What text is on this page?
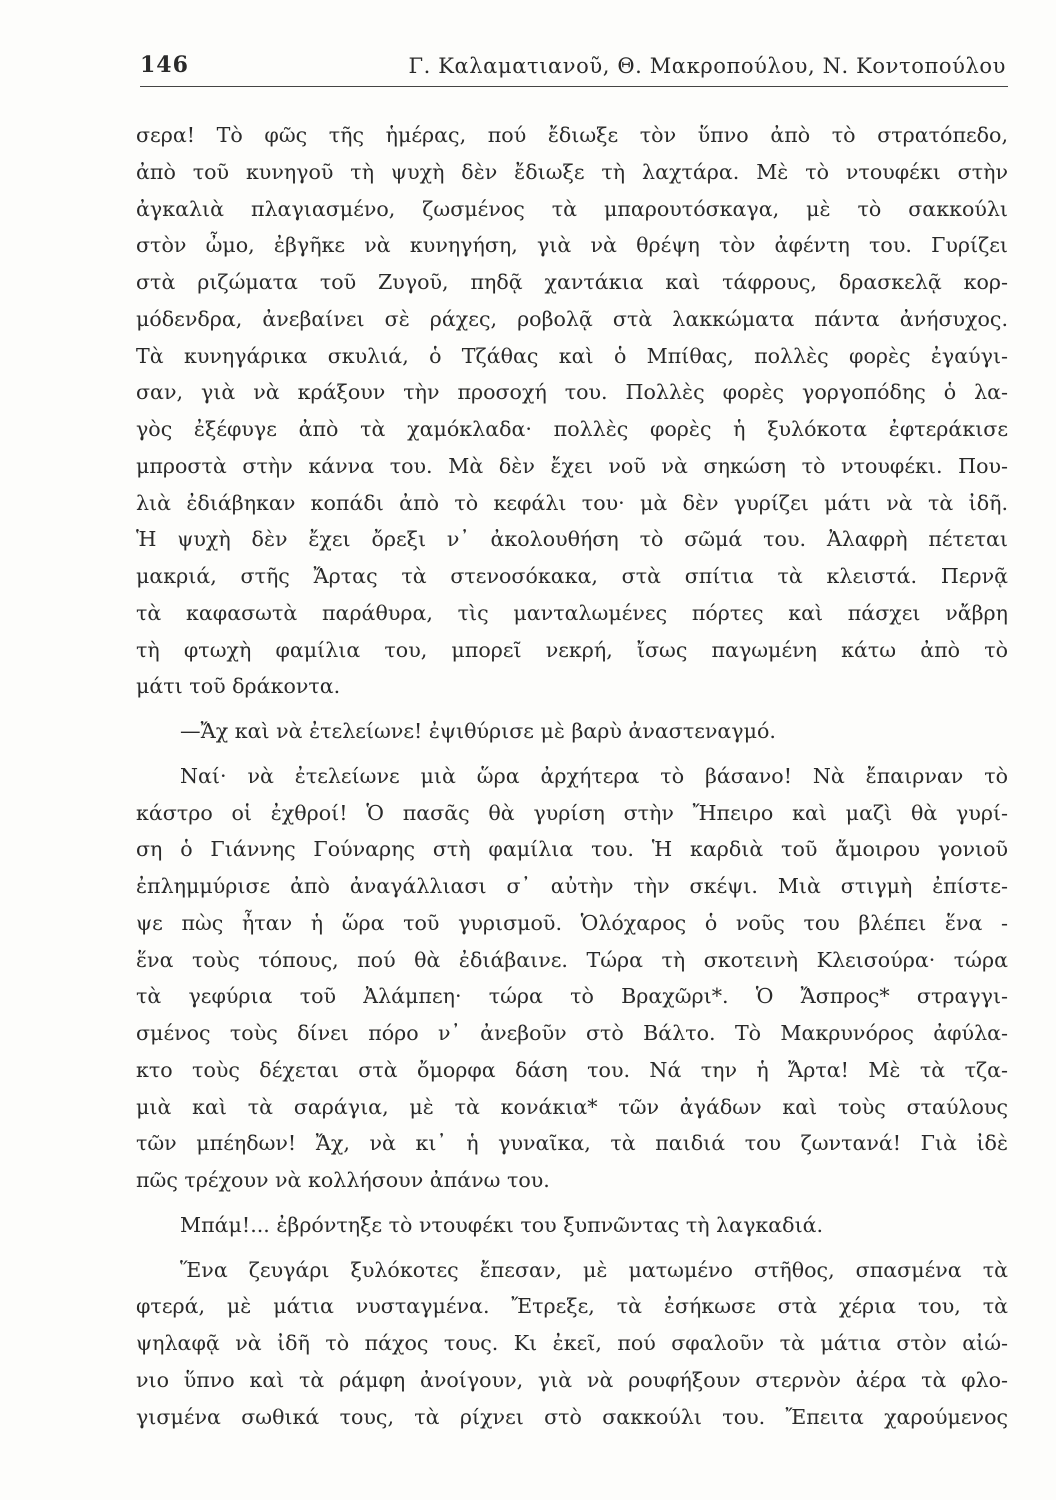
146	Γ. Καλαματιανοῦ, Θ. Μακροπούλου, Ν. Κοντοπούλου
σερα! Τὸ φῶς τῆς ἡμέρας, πού ἔδιωξε τὸν ὕπνο ἀπὸ τὸ στρατόπεδο,
ἀπὸ τοῦ κυνηγοῦ τὴ ψυχὴ δὲν ἔδιωξε τὴ λαχτάρα. Μὲ τὸ ντουφέκι στὴν
ἀγκαλιὰ πλαγιασμένο, ζωσμένος τὰ μπαρουτόσκαγα, μὲ τὸ σακκούλι
στὸν ὦμο, ἐβγῆκε νὰ κυνηγήση, γιὰ νὰ θρέψη τὸν ἀφέντη του. Γυρίζει
στὰ ριζώματα τοῦ Ζυγοῦ, πηδᾷ χαντάκια καὶ τάφρους, δρασκελᾷ κορ-
μόδενδρα, ἀνεβαίνει σὲ ράχες, ροβολᾷ στὰ λακκώματα πάντα ἀνήσυχος.
Τὰ κυνηγάρικα σκυλιά, ὁ Τζάθας καὶ ὁ Μπίθας, πολλὲς φορὲς ἐγαύγι-
σαν, γιὰ νὰ κράξουν τὴν προσοχή του. Πολλὲς φορὲς γοργοπόδης ὁ λα-
γὸς ἐξέφυγε ἀπὸ τὰ χαμόκλαδα· πολλὲς φορὲς ἡ ξυλόκοτα ἐφτεράκισε
μπροστὰ στὴν κάννα του. Μὰ δὲν ἔχει νοῦ νὰ σηκώση τὸ ντουφέκι. Που-
λιὰ ἐδιάβηκαν κοπάδι ἀπὸ τὸ κεφάλι του· μὰ δὲν γυρίζει μάτι νὰ τὰ ἰδῆ.
Ἡ ψυχὴ δὲν ἔχει ὄρεξι ν᾽ ἀκολουθήση τὸ σῶμά του. Ἀλαφρὴ πέτεται
μακριά, στῆς Ἄρτας τὰ στενοσόκακα, στὰ σπίτια τὰ κλειστά. Περνᾷ
τὰ καφασωτὰ παράθυρα, τὶς μανταλωμένες πόρτες καὶ πάσχει νἄβρη
τὴ φτωχὴ φαμίλια του, μπορεῖ νεκρή, ἴσως παγωμένη κάτω ἀπὸ τὸ
μάτι τοῦ δράκοντα.
—Ἄχ καὶ νὰ ἐτελείωνε! ἐψιθύρισε μὲ βαρὺ ἀναστεναγμό.
Ναί· νὰ ἐτελείωνε μιὰ ὥρα ἀρχήτερα τὸ βάσανο! Νὰ ἔπαιρναν τὸ
κάστρο οἱ ἐχθροί! Ὁ πασᾶς θὰ γυρίση στὴν Ἤπειρο καὶ μαζὶ θὰ γυρί-
ση ὁ Γιάννης Γούναρης στὴ φαμίλια του. Ἡ καρδιὰ τοῦ ἄμοιρου γονιοῦ
ἐπλημμύρισε ἀπὸ ἀναγάλλιασι σ᾽ αὐτὴν τὴν σκέψι. Μιὰ στιγμὴ ἐπίστε-
ψε πὼς ἦταν ἡ ὥρα τοῦ γυρισμοῦ. Ὁλόχαρος ὁ νοῦς του βλέπει ἕνα -
ἕνα τοὺς τόπους, πού θὰ ἐδιάβαινε. Τώρα τὴ σκοτεινὴ Κλεισούρα· τώρα
τὰ γεφύρια τοῦ Ἀλάμπεη· τώρα τὸ Βραχῶρι*. Ὁ Ἄσπρος* στραγγι-
σμένος τοὺς δίνει πόρο ν᾽ ἀνεβοῦν στὸ Βάλτο. Τὸ Μακρυνόρος ἀφύλα-
κτο τοὺς δέχεται στὰ ὄμορφα δάση του. Νά την ἡ Ἄρτα! Μὲ τὰ τζα-
μιὰ καὶ τὰ σαράγια, μὲ τὰ κονάκια* τῶν ἀγάδων καὶ τοὺς σταύλους
τῶν μπέηδων! Ἄχ, νὰ κι᾽ ἡ γυναῖκα, τὰ παιδιά του ζωντανά! Γιὰ ἰδὲ
πῶς τρέχουν νὰ κολλήσουν ἀπάνω του.
Μπάμ!... ἐβρόντηξε τὸ ντουφέκι του ξυπνῶντας τὴ λαγκαδιά.
Ἕνα ζευγάρι ξυλόκοτες ἔπεσαν, μὲ ματωμένο στῆθος, σπασμένα τὰ
φτερά, μὲ μάτια νυσταγμένα. Ἔτρεξε, τὰ ἐσήκωσε στὰ χέρια του, τὰ
ψηλαφᾷ νὰ ἰδῆ τὸ πάχος τους. Κι ἐκεῖ, πού σφαλοῦν τὰ μάτια στὸν αἰώ-
νιο ὕπνο καὶ τὰ ράμφη ἀνοίγουν, γιὰ νὰ ρουφήξουν στερνὸν ἀέρα τὰ φλο-
γισμένα σωθικά τους, τὰ ρίχνει στὸ σακκούλι του. Ἔπειτα χαρούμενος
